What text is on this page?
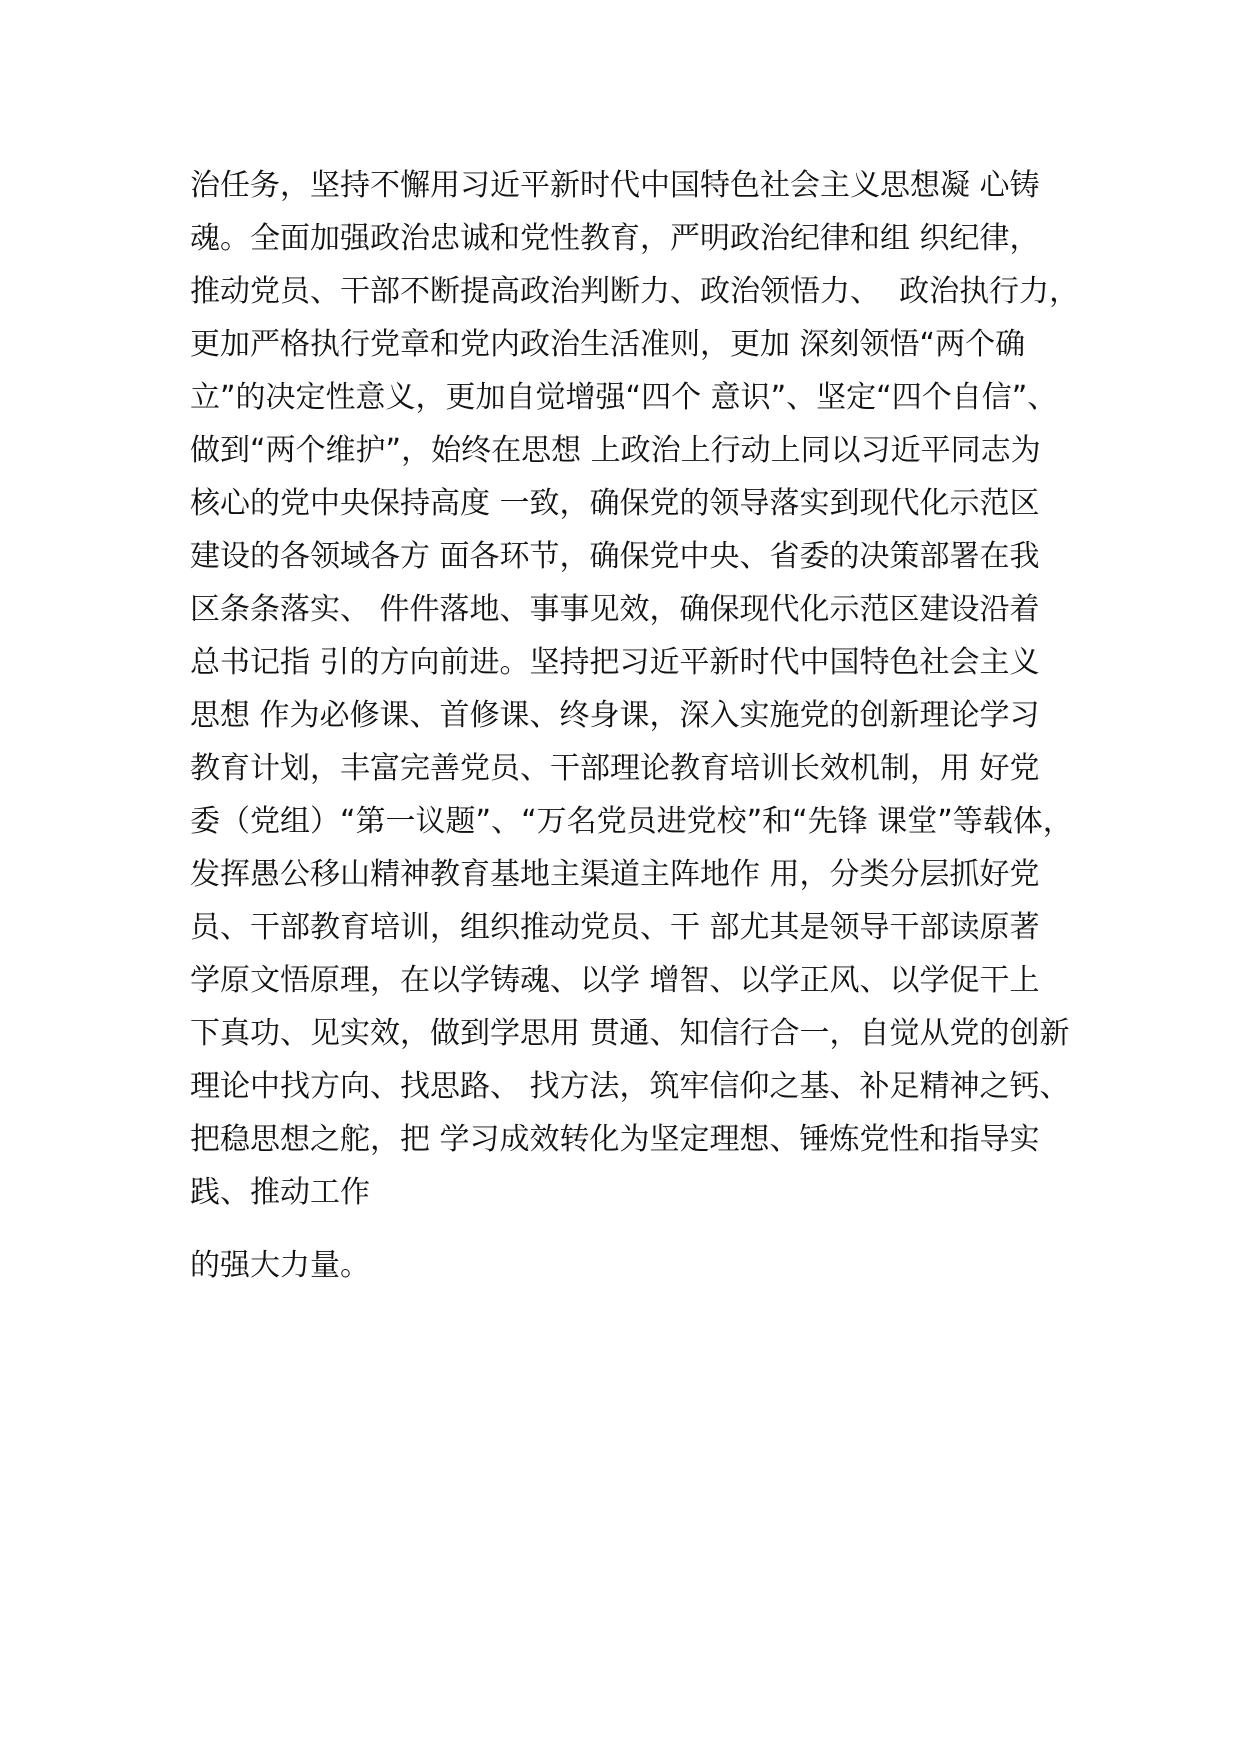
治任务，坚持不懈用习近平新时代中国特色社会主义思想凝 心铸
魂。全面加强政治忠诚和党性教育，严明政治纪律和组 织纪律，
推动党员、干部不断提高政治判断力、政治领悟力、  政治执行力，
更加严格执行党章和党内政治生活准则，更加 深刻领悟“两个确
立”的决定性意义，更加自觉增强“四个 意识”、坚定“四个自信”、
做到“两个维护”，始终在思想 上政治上行动上同以习近平同志为
核心的党中央保持高度 一致，确保党的领导落实到现代化示范区
建设的各领域各方 面各环节，确保党中央、省委的决策部署在我
区条条落实、 件件落地、事事见效，确保现代化示范区建设沿着
总书记指 引的方向前进。坚持把习近平新时代中国特色社会主义
思想 作为必修课、首修课、终身课，深入实施党的创新理论学习
教育计划，丰富完善党员、干部理论教育培训长效机制，用 好党
委（党组）“第一议题”、“万名党员进党校”和“先锋 课堂”等载体，
发挥愚公移山精神教育基地主渠道主阵地作 用，分类分层抓好党
员、干部教育培训，组织推动党员、干 部尤其是领导干部读原著
学原文悟原理，在以学铸魂、以学 增智、以学正风、以学促干上
下真功、见实效，做到学思用 贯通、知信行合一，自觉从党的创新
理论中找方向、找思路、 找方法，筑牢信仰之基、补足精神之钙、
把稳思想之舵，把 学习成效转化为坚定理想、锤炼党性和指导实
践、推动工作
的强大力量。
